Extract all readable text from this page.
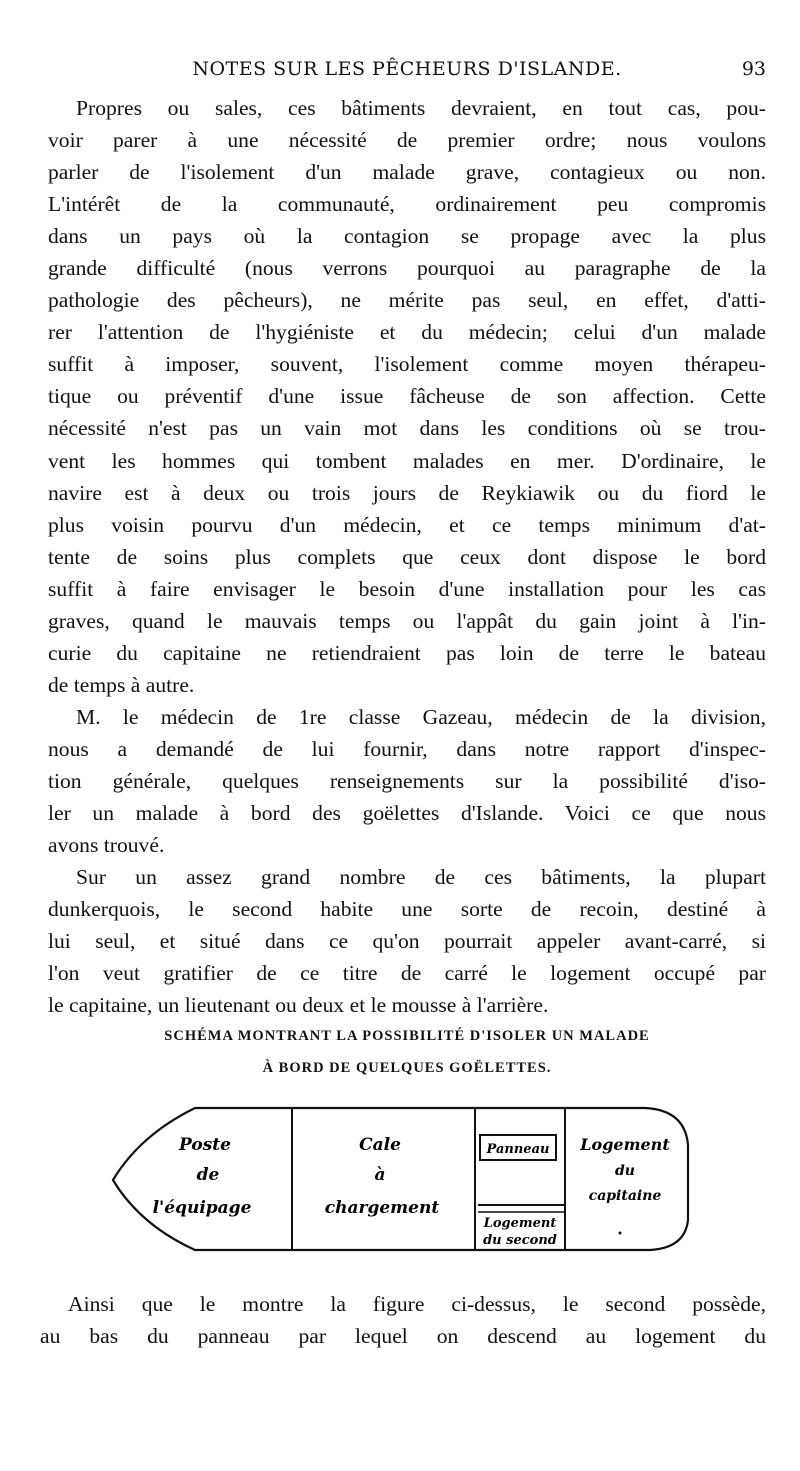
NOTES SUR LES PÊCHEURS D'ISLANDE.	93
Propres ou sales, ces bâtiments devraient, en tout cas, pou-
voir parer à une nécessité de premier ordre; nous voulons
parler de l'isolement d'un malade grave, contagieux ou non.
L'intérêt de la communauté, ordinairement peu compromis
dans un pays où la contagion se propage avec la plus
grande difficulté (nous verrons pourquoi au paragraphe de la
pathologie des pêcheurs), ne mérite pas seul, en effet, d'atti-
rer l'attention de l'hygiéniste et du médecin; celui d'un malade
suffit à imposer, souvent, l'isolement comme moyen thérapeu-
tique ou préventif d'une issue fâcheuse de son affection. Cette
nécessité n'est pas un vain mot dans les conditions où se trou-
vent les hommes qui tombent malades en mer. D'ordinaire, le
navire est à deux ou trois jours de Reykiawik ou du fiord le
plus voisin pourvu d'un médecin, et ce temps minimum d'at-
tente de soins plus complets que ceux dont dispose le bord
suffit à faire envisager le besoin d'une installation pour les cas
graves, quand le mauvais temps ou l'appât du gain joint à l'in-
curie du capitaine ne retiendraient pas loin de terre le bateau
de temps à autre.
M. le médecin de 1re classe Gazeau, médecin de la division,
nous a demandé de lui fournir, dans notre rapport d'inspec-
tion générale, quelques renseignements sur la possibilité d'iso-
ler un malade à bord des goëlettes d'Islande. Voici ce que nous
avons trouvé.
Sur un assez grand nombre de ces bâtiments, la plupart
dunkerquois, le second habite une sorte de recoin, destiné à
lui seul, et situé dans ce qu'on pourrait appeler avant-carré, si
l'on veut gratifier de ce titre de carré le logement occupé par
le capitaine, un lieutenant ou deux et le mousse à l'arrière.
SCHÉMA MONTRANT LA POSSIBILITÉ D'ISOLER UN MALADE
À BORD DE QUELQUES GOËLETTES.
Poste
de
l'équipage
Cale
à
chargement
Panneau
Logement
du second
Logement
du
capitaine
Ainsi que le montre la figure ci-dessus, le second possède,
au bas du panneau par lequel on descend au logement du
